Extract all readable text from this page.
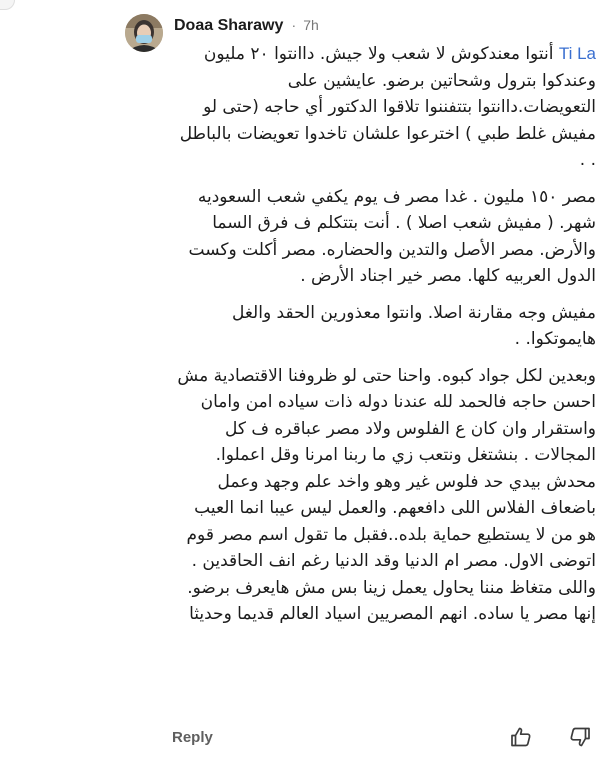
Doaa Sharawy · 7h

Ti La أنتوا معندكوش لا شعب ولا جيش. داانتوا ٢٠ مليون وعندكوا بترول وشحاتين برضو. عايشين على التعويضات.داانتوا بتتفننوا تلاقوا الدكتور أي حاجه (حتى لو مفيش غلط طبي ) اخترعوا علشان تاخدوا تعويضات بالباطل . .

مصر ١٥٠ مليون . غدا مصر ف يوم يكفي شعب السعوديه شهر. ( مفيش شعب اصلا ) . أنت بتتكلم ف فرق السما والأرض. مصر الأصل والتدين والحضاره. مصر أكلت وكست الدول العربيه كلها. مصر خير اجناد الأرض .

مفيش وجه مقارنة اصلا. وانتوا معذورين الحقد والغل هايموتكوا. .

وبعدين لكل جواد كبوه. واحنا حتى لو ظروفنا الاقتصادية مش احسن حاجه فالحمد لله عندنا دوله ذات سياده امن وامان واستقرار وان كان ع الفلوس ولاد مصر عباقره ف كل المجالات . بنشتغل ونتعب زي ما ربنا امرنا وقل اعملوا. محدش بيدي حد فلوس غير وهو واخد علم وجهد وعمل باضعاف الفلاس اللى دافعهم. والعمل ليس عيبا انما العيب هو من لا يستطيع حماية بلده..فقبل ما تقول اسم مصر قوم اتوضى الاول. مصر ام الدنيا وقد الدنيا رغم انف الحاقدين . واللى متغاظ مننا يحاول يعمل زينا بس مش هايعرف برضو. إنها مصر يا ساده. انهم المصريين اسياد العالم قديما وحديثا

Reply
